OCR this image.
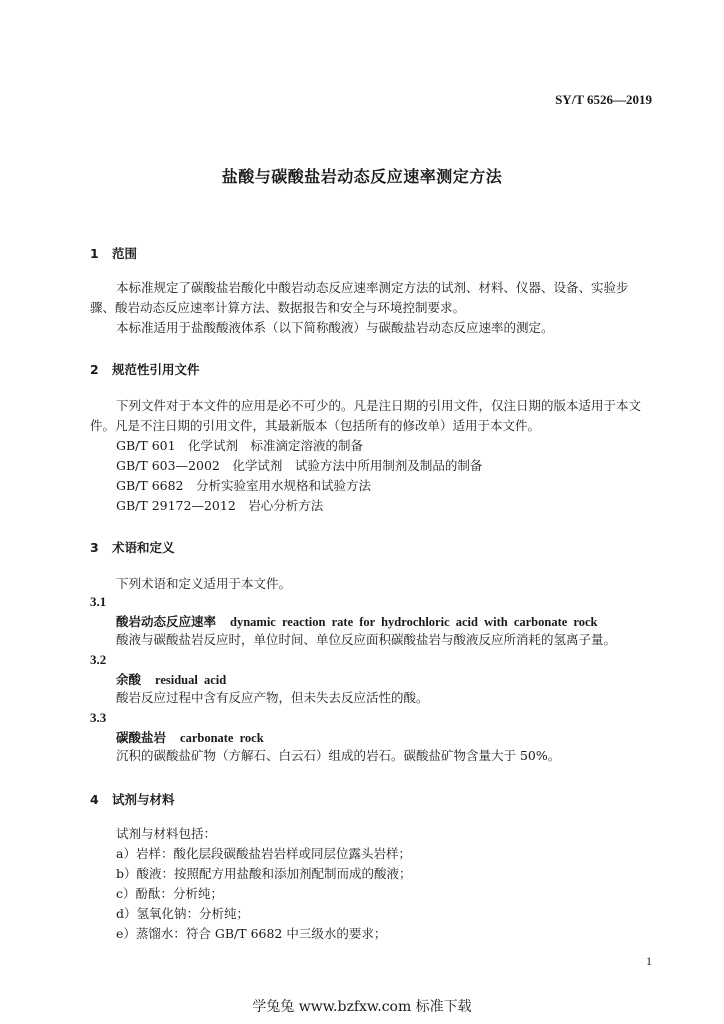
SY/T 6526—2019
盐酸与碳酸盐岩动态反应速率测定方法
1 范围
本标准规定了碳酸盐岩酸化中酸岩动态反应速率测定方法的试剂、材料、仪器、设备、实验步
骤、酸岩动态反应速率计算方法、数据报告和安全与环境控制要求。
本标准适用于盐酸酸液体系（以下简称酸液）与碳酸盐岩动态反应速率的测定。
2 规范性引用文件
下列文件对于本文件的应用是必不可少的。凡是注日期的引用文件，仅注日期的版本适用于本文
件。凡是不注日期的引用文件，其最新版本（包括所有的修改单）适用于本文件。
GB/T 601　化学试剂　标准滴定溶液的制备
GB/T 603—2002　化学试剂　试验方法中所用制剂及制品的制备
GB/T 6682　分析实验室用水规格和试验方法
GB/T 29172—2012　岩心分析方法
3 术语和定义
下列术语和定义适用于本文件。
3.1
酸岩动态反应速率 dynamic reaction rate for hydrochloric acid with carbonate rock
酸液与碳酸盐岩反应时，单位时间、单位反应面积碳酸盐岩与酸液反应所消耗的氢离子量。
3.2
余酸 residual acid
酸岩反应过程中含有反应产物，但未失去反应活性的酸。
3.3
碳酸盐岩 carbonate rock
沉积的碳酸盐矿物（方解石、白云石）组成的岩石。碳酸盐矿物含量大于 50%。
4 试剂与材料
试剂与材料包括：
a）岩样：酸化层段碳酸盐岩岩样或同层位露头岩样；
b）酸液：按照配方用盐酸和添加剂配制而成的酸液；
c）酚酞：分析纯；
d）氢氧化钠：分析纯；
e）蒸馏水：符合 GB/T 6682 中三级水的要求；
1
学兔兔 www.bzfxw.com 标准下载
